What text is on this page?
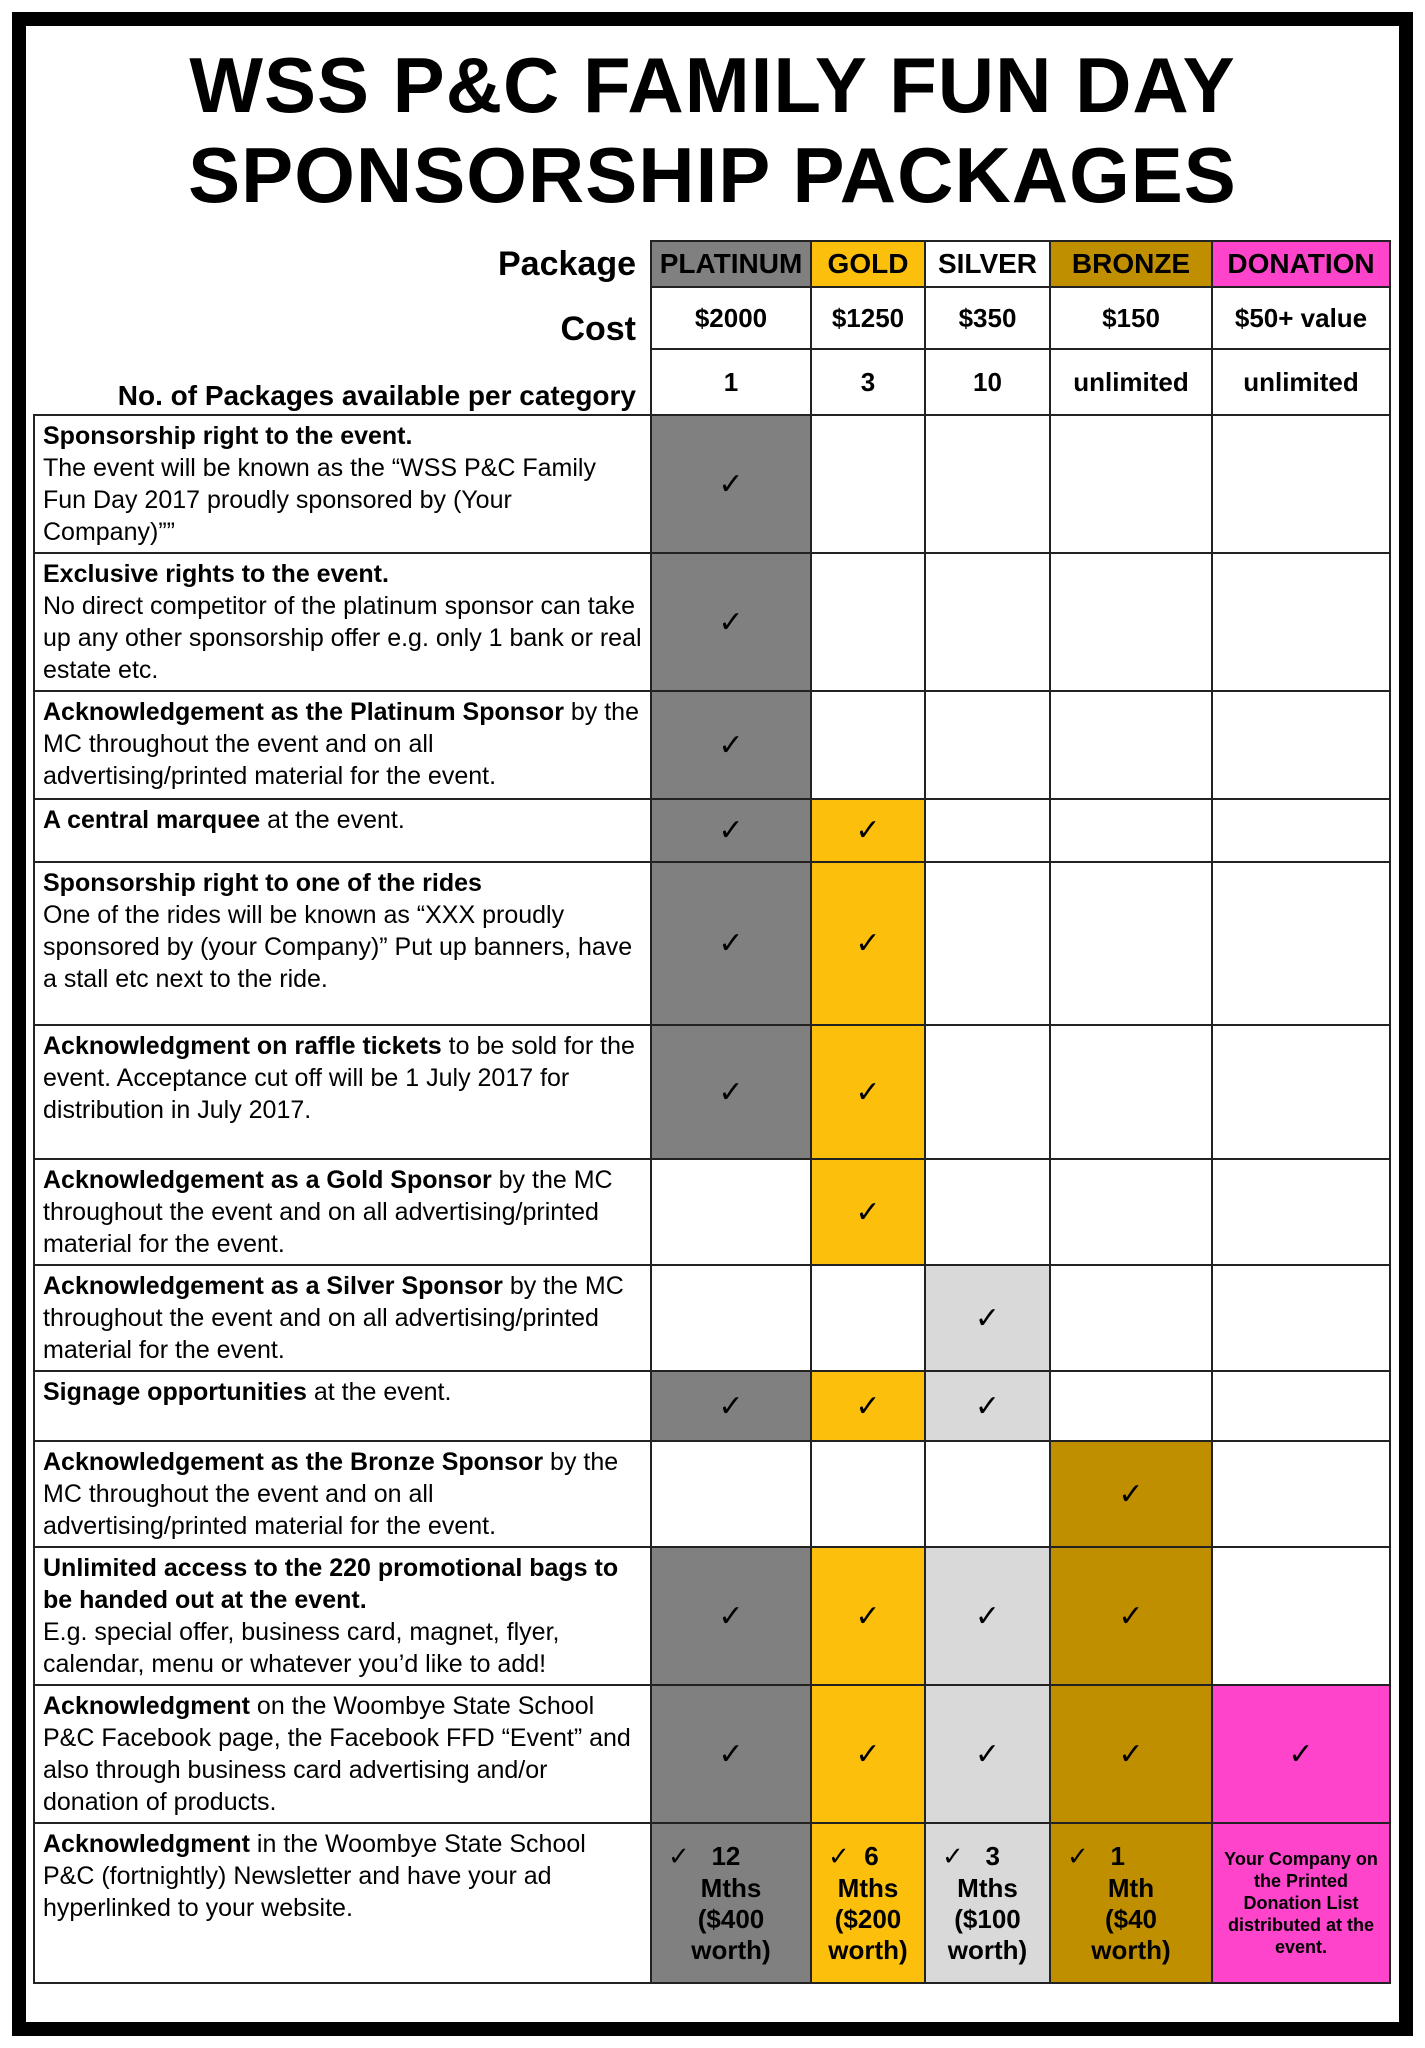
WSS P&C FAMILY FUN DAY
SPONSORSHIP PACKAGES
Package	PLATINUM	GOLD	SILVER	BRONZE	DONATION
Cost	$2000	$1250	$350	$150	$50+ value
No. of Packages available per category	1	3	10	unlimited	unlimited
Sponsorship right to the event.
The event will be known as the “WSS P&C Family Fun Day 2017 proudly sponsored by (Your Company)””	✓				
Exclusive rights to the event.
No direct competitor of the platinum sponsor can take up any other sponsorship offer e.g. only 1 bank or real estate etc.	✓				
Acknowledgement as the Platinum Sponsor by the MC throughout the event and on all advertising/printed material for the event.	✓				
A central marquee at the event.	✓	✓			
Sponsorship right to one of the rides
One of the rides will be known as “XXX proudly sponsored by (your Company)” Put up banners, have a stall etc next to the ride.	✓	✓			
Acknowledgment on raffle tickets to be sold for the event. Acceptance cut off will be 1 July 2017 for distribution in July 2017.	✓	✓			
Acknowledgement as a Gold Sponsor by the MC throughout the event and on all advertising/printed material for the event.		✓			
Acknowledgement as a Silver Sponsor by the MC throughout the event and on all advertising/printed material for the event.			✓		
Signage opportunities at the event.	✓	✓	✓		
Acknowledgement as the Bronze Sponsor by the MC throughout the event and on all advertising/printed material for the event.				✓	
Unlimited access to the 220 promotional bags to be handed out at the event.
E.g. special offer, business card, magnet, flyer, calendar, menu or whatever you’d like to add!	✓	✓	✓	✓	
Acknowledgment on the Woombye State School P&C Facebook page, the Facebook FFD “Event” and also through business card advertising and/or donation of products.	✓	✓	✓	✓	✓
Acknowledgment in the Woombye State School P&C (fortnightly) Newsletter and have your ad hyperlinked to your website.	✓ 12
Mths
($400
worth)	✓ 6
Mths
($200
worth)	✓ 3
Mths
($100
worth)	✓ 1
Mth
($40
worth)	Your Company on the Printed Donation List distributed at the event.
